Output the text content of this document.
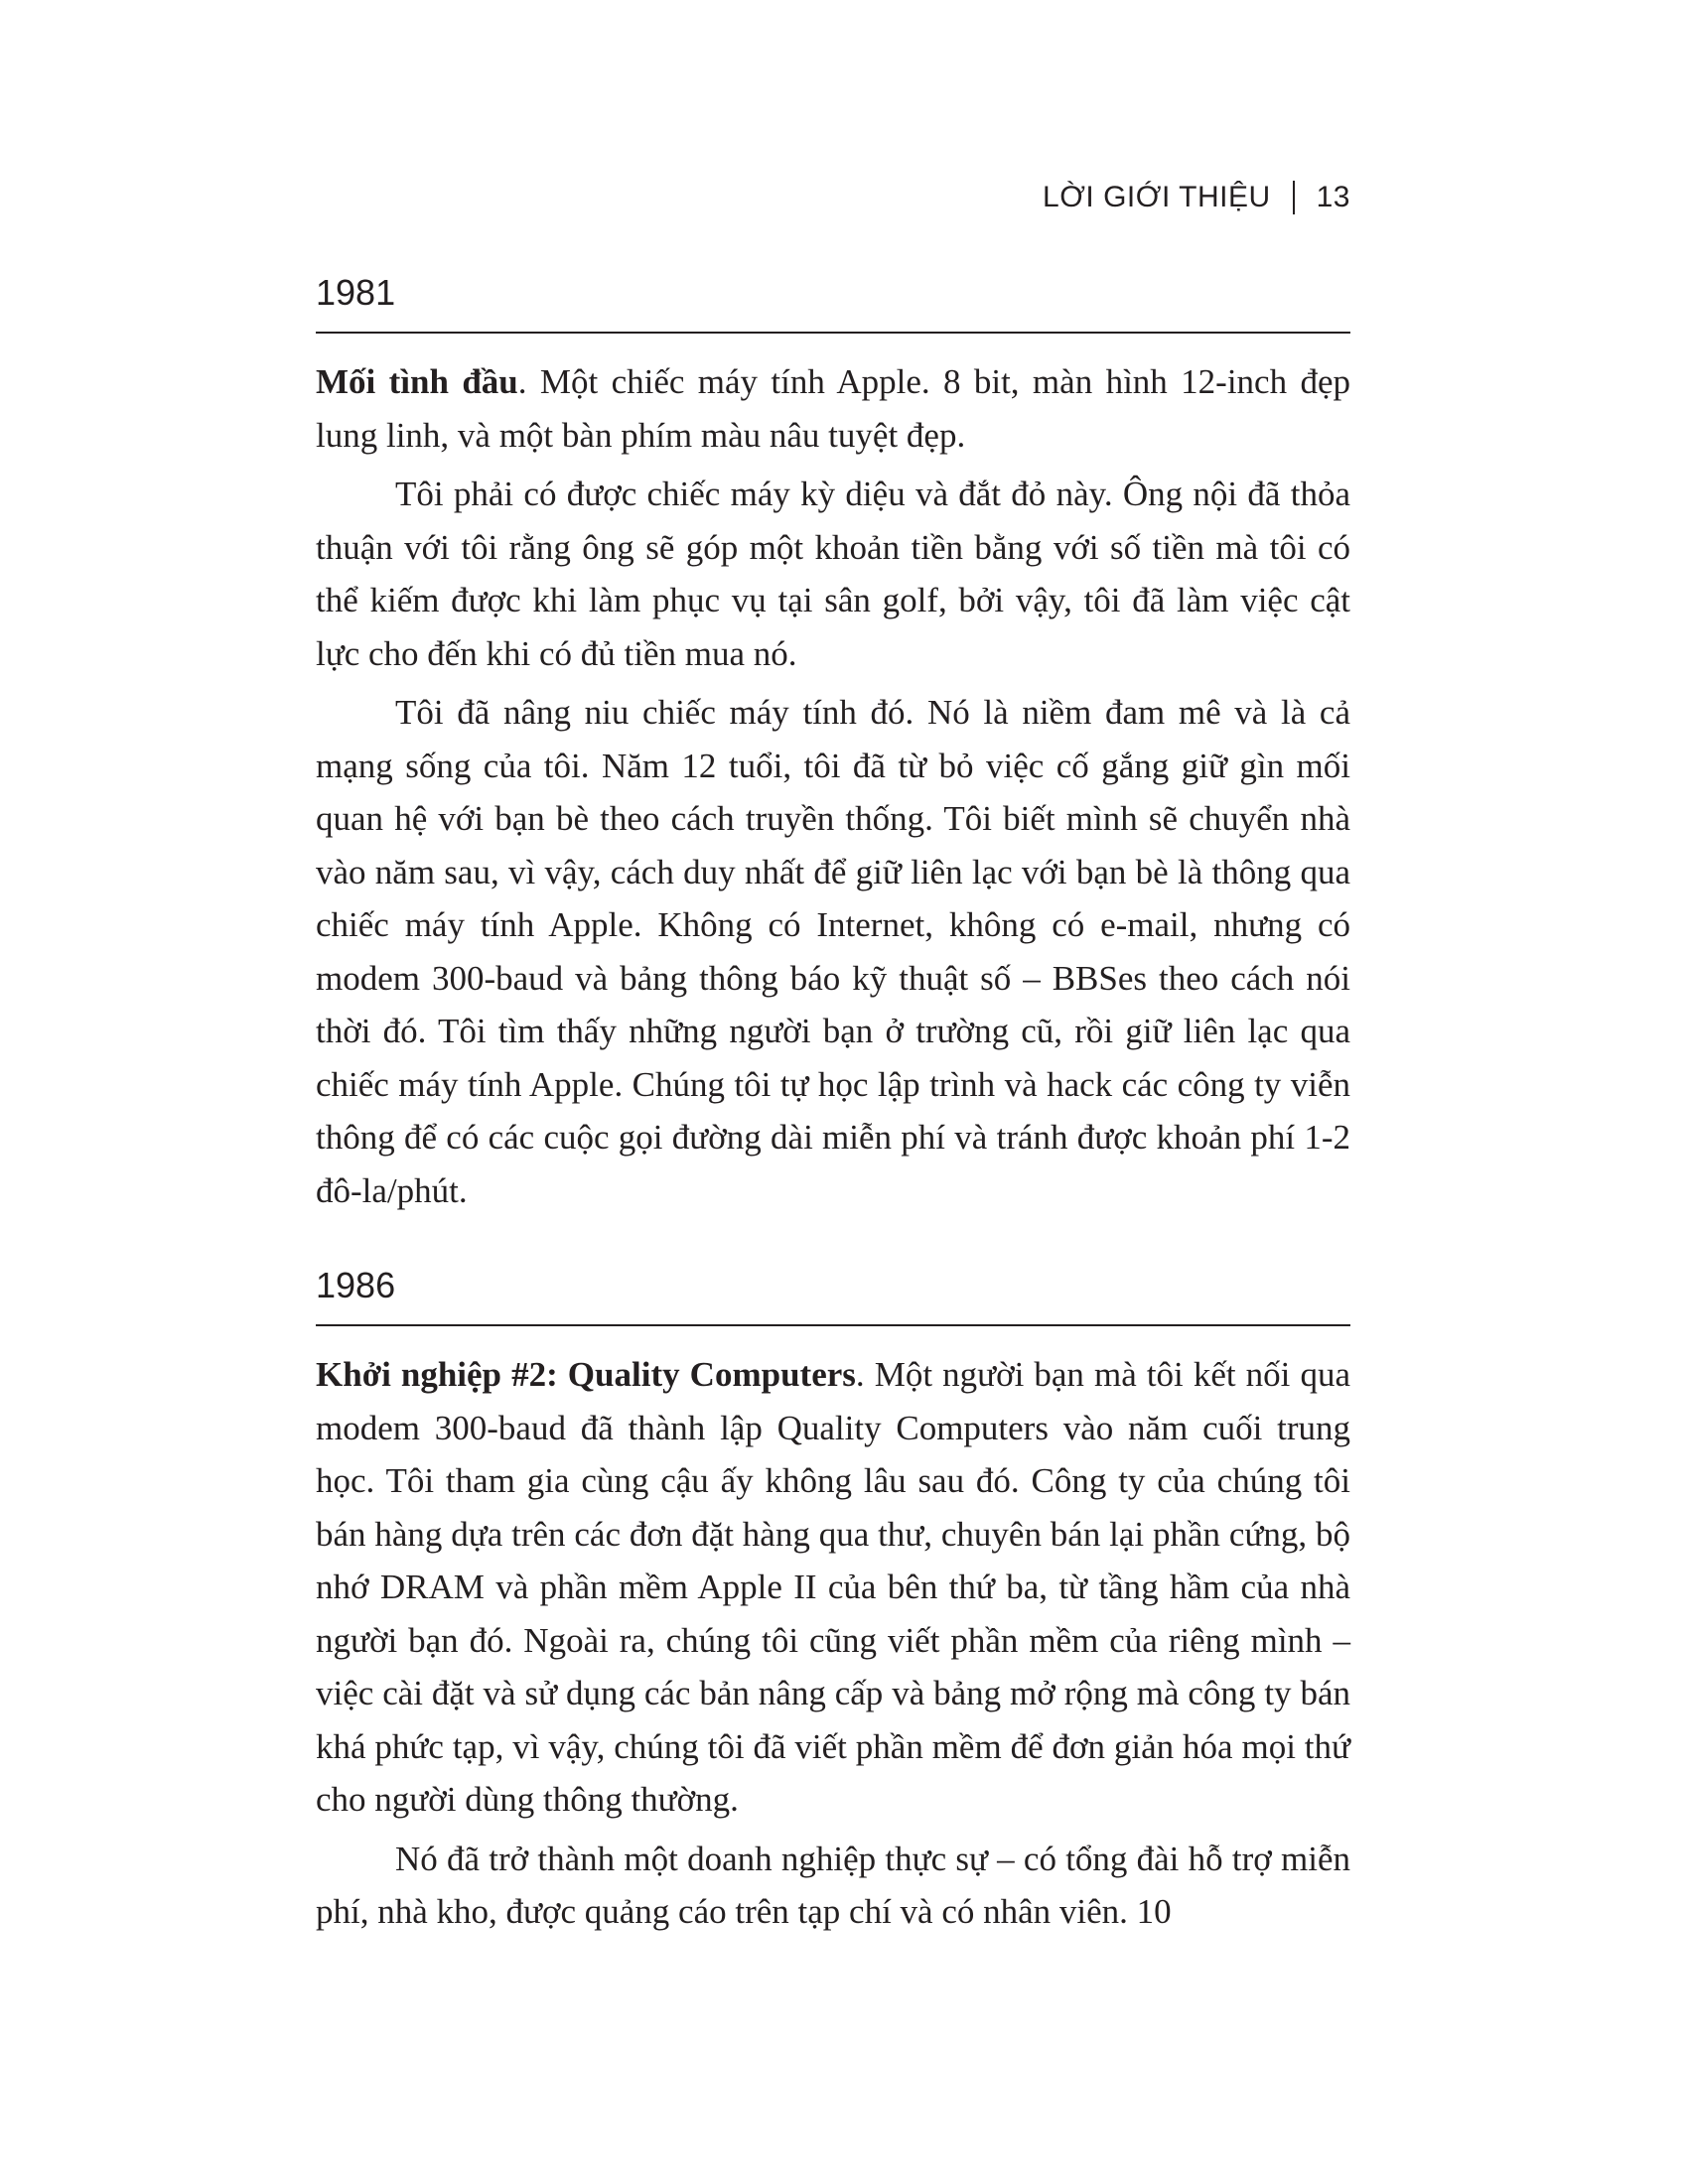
LỜI GIỚI THIỆU 13
1981

Mối tình đầu. Một chiếc máy tính Apple. 8 bit, màn hình 12-inch đẹp lung linh, và một bàn phím màu nâu tuyệt đẹp.

Tôi phải có được chiếc máy kỳ diệu và đắt đỏ này. Ông nội đã thỏa thuận với tôi rằng ông sẽ góp một khoản tiền bằng với số tiền mà tôi có thể kiếm được khi làm phục vụ tại sân golf, bởi vậy, tôi đã làm việc cật lực cho đến khi có đủ tiền mua nó.

Tôi đã nâng niu chiếc máy tính đó. Nó là niềm đam mê và là cả mạng sống của tôi. Năm 12 tuổi, tôi đã từ bỏ việc cố gắng giữ gìn mối quan hệ với bạn bè theo cách truyền thống. Tôi biết mình sẽ chuyển nhà vào năm sau, vì vậy, cách duy nhất để giữ liên lạc với bạn bè là thông qua chiếc máy tính Apple. Không có Internet, không có e-mail, nhưng có modem 300-baud và bảng thông báo kỹ thuật số – BBSes theo cách nói thời đó. Tôi tìm thấy những người bạn ở trường cũ, rồi giữ liên lạc qua chiếc máy tính Apple. Chúng tôi tự học lập trình và hack các công ty viễn thông để có các cuộc gọi đường dài miễn phí và tránh được khoản phí 1-2 đô-la/phút.

1986

Khởi nghiệp #2: Quality Computers. Một người bạn mà tôi kết nối qua modem 300-baud đã thành lập Quality Computers vào năm cuối trung học. Tôi tham gia cùng cậu ấy không lâu sau đó. Công ty của chúng tôi bán hàng dựa trên các đơn đặt hàng qua thư, chuyên bán lại phần cứng, bộ nhớ DRAM và phần mềm Apple II của bên thứ ba, từ tầng hầm của nhà người bạn đó. Ngoài ra, chúng tôi cũng viết phần mềm của riêng mình – việc cài đặt và sử dụng các bản nâng cấp và bảng mở rộng mà công ty bán khá phức tạp, vì vậy, chúng tôi đã viết phần mềm để đơn giản hóa mọi thứ cho người dùng thông thường.

Nó đã trở thành một doanh nghiệp thực sự – có tổng đài hỗ trợ miễn phí, nhà kho, được quảng cáo trên tạp chí và có nhân viên. 10
